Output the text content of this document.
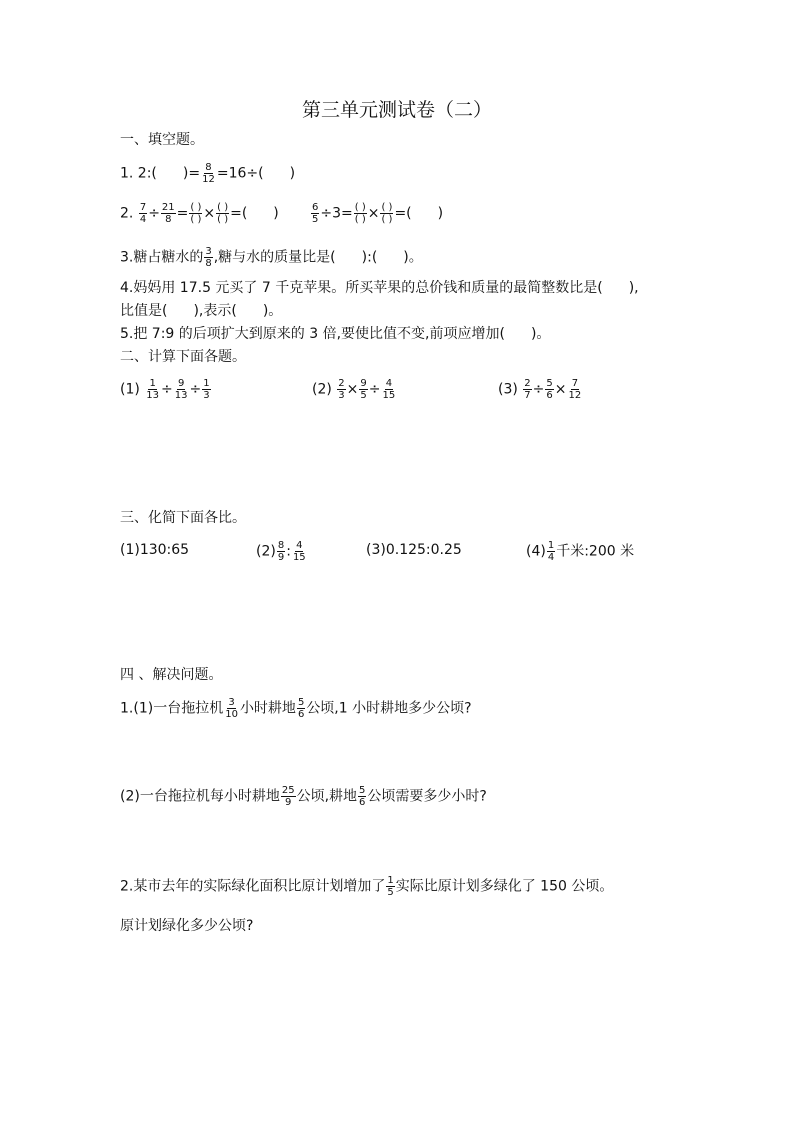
第三单元测试卷（二）
一、填空题。
1. 2:( )= $\frac{8}{12} =16\div$( )
2. $\frac{7}{4} \div \frac{21}{8}$ = ( )
( ) × ( )
( ) =( )	$\frac{6}{5} \div 3=$ ( )
( ) × ( )
( ) =( )
3.糖占糖水的 $\frac{3}{8}$ ,糖与水的质量比是( ):( )。
4.妈妈用 17.5 元买了 7 千克苹果。所买苹果的总价钱和质量的最简整数比是( ),
比值是( ),表示( )。
5.把 7:9 的后项扩大到原来的 3 倍,要使比值不变,前项应增加( )。
二、计算下面各题。
$(1) \frac{1}{13} \div \frac{9}{13} \div \frac{1}{3}$	$(2) \frac{2}{3} \times \frac{9}{5} \div \frac{4}{15}$	$(3) \frac{2}{7} \div \frac{5}{6} \times \frac{7}{12}$
三、化简下面各比。
(1)130:65	$(2) \frac{8}{9}$ : $\frac{4}{15}$	(3)0.125:0.25	$(4) \frac{1}{4}$ 千米:200 米
四 、解决问题。
1.(1)一台拖拉机 $\frac{3}{10}$ 小时耕地 $\frac{5}{6}$ 公顷,1 小时耕地多少公顷?
(2)一台拖拉机每小时耕地 $\frac{25}{9}$ 公顷,耕地 $\frac{5}{6}$ 公顷需要多少小时?
2.某市去年的实际绿化面积比原计划增加了 $\frac{1}{5}$ 实际比原计划多绿化了 150 公顷。
原计划绿化多少公顷?
